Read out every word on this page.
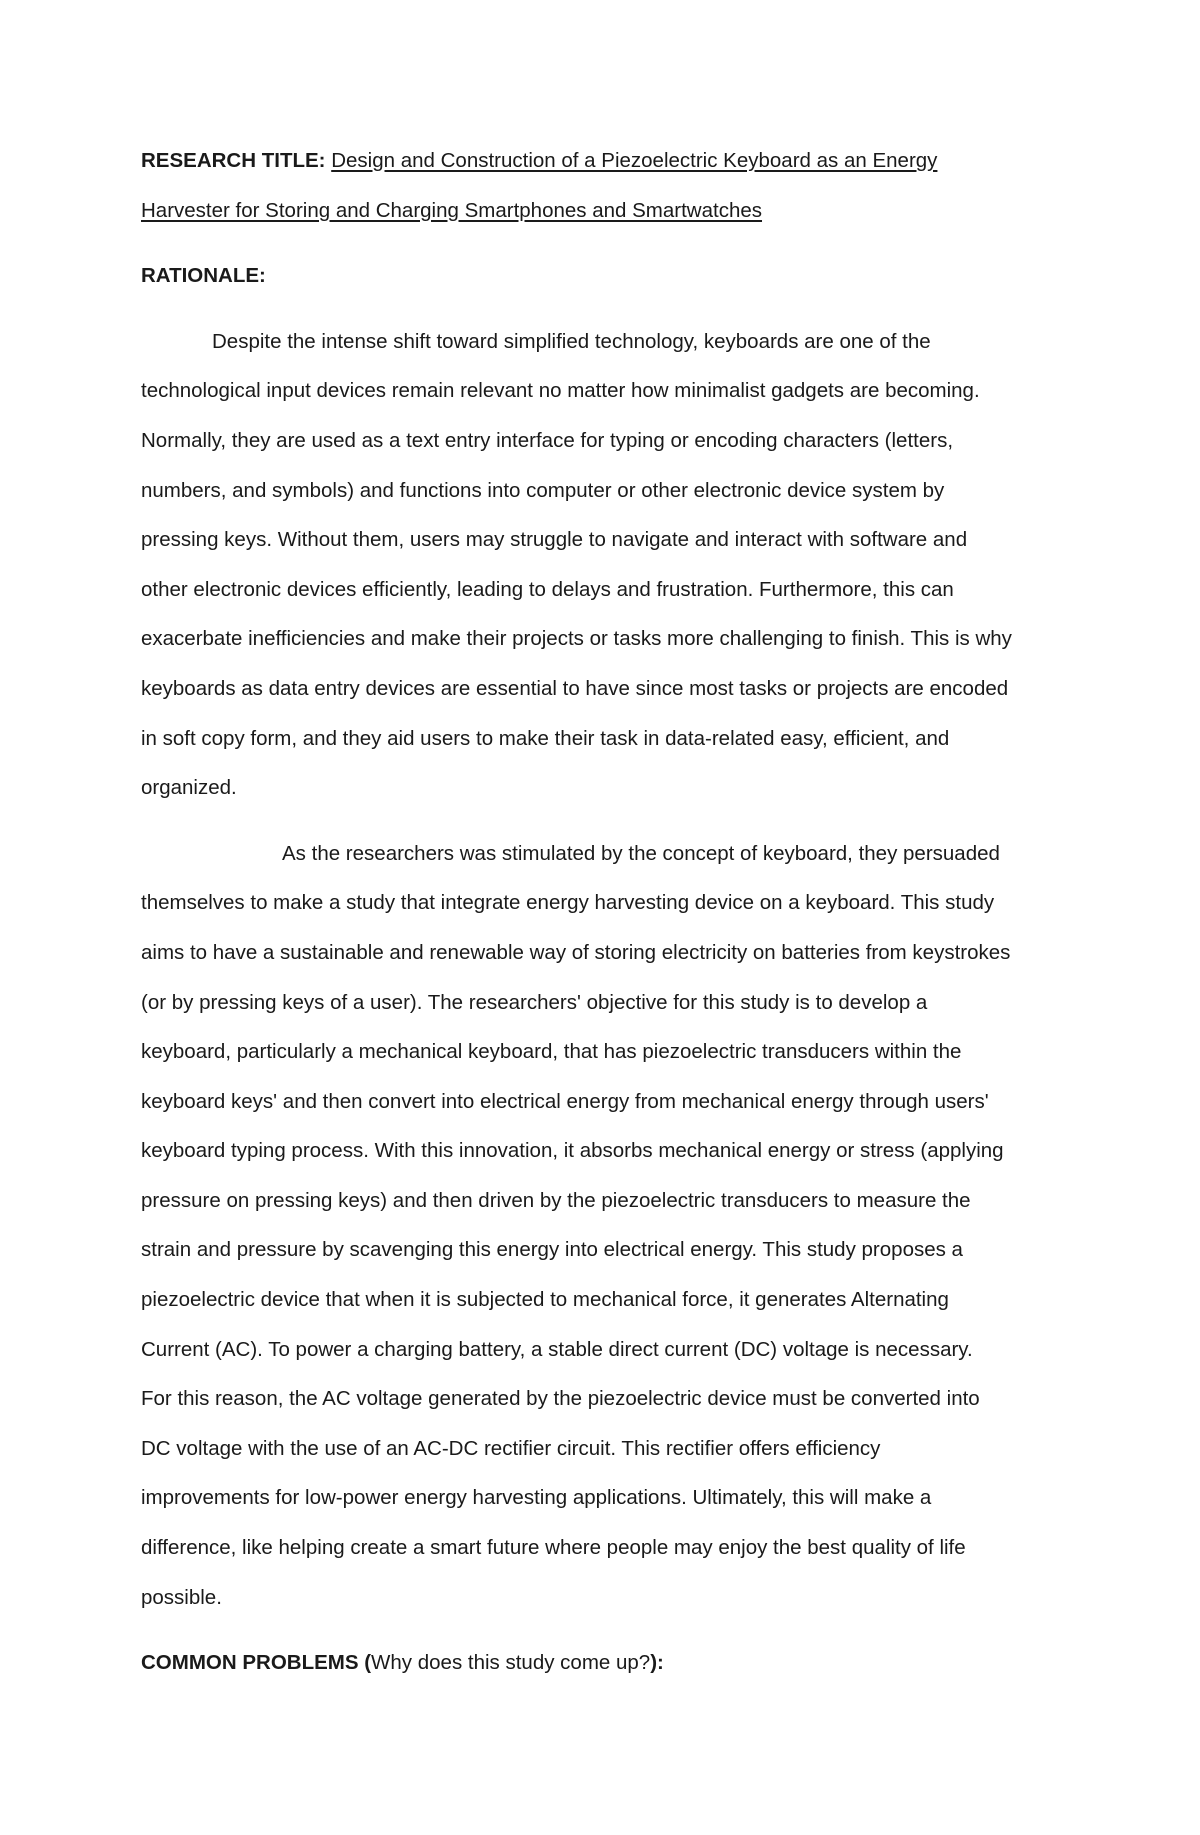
RESEARCH TITLE: Design and Construction of a Piezoelectric Keyboard as an Energy

Harvester for Storing and Charging Smartphones and Smartwatches

RATIONALE:

Despite the intense shift toward simplified technology, keyboards are one of the
technological input devices remain relevant no matter how minimalist gadgets are becoming.
Normally, they are used as a text entry interface for typing or encoding characters (letters,
numbers, and symbols) and functions into computer or other electronic device system by
pressing keys. Without them, users may struggle to navigate and interact with software and
other electronic devices efficiently, leading to delays and frustration. Furthermore, this can
exacerbate inefficiencies and make their projects or tasks more challenging to finish. This is why
keyboards as data entry devices are essential to have since most tasks or projects are encoded
in soft copy form, and they aid users to make their task in data-related easy, efficient, and
organized.
As the researchers was stimulated by the concept of keyboard, they persuaded
themselves to make a study that integrate energy harvesting device on a keyboard. This study
aims to have a sustainable and renewable way of storing electricity on batteries from keystrokes
(or by pressing keys of a user). The researchers' objective for this study is to develop a
keyboard, particularly a mechanical keyboard, that has piezoelectric transducers within the
keyboard keys' and then convert into electrical energy from mechanical energy through users'
keyboard typing process. With this innovation, it absorbs mechanical energy or stress (applying
pressure on pressing keys) and then driven by the piezoelectric transducers to measure the
strain and pressure by scavenging this energy into electrical energy. This study proposes a
piezoelectric device that when it is subjected to mechanical force, it generates Alternating
Current (AC). To power a charging battery, a stable direct current (DC) voltage is necessary.
For this reason, the AC voltage generated by the piezoelectric device must be converted into
DC voltage with the use of an AC-DC rectifier circuit. This rectifier offers efficiency
improvements for low-power energy harvesting applications. Ultimately, this will make a
difference, like helping create a smart future where people may enjoy the best quality of life
possible.

COMMON PROBLEMS (Why does this study come up?):
